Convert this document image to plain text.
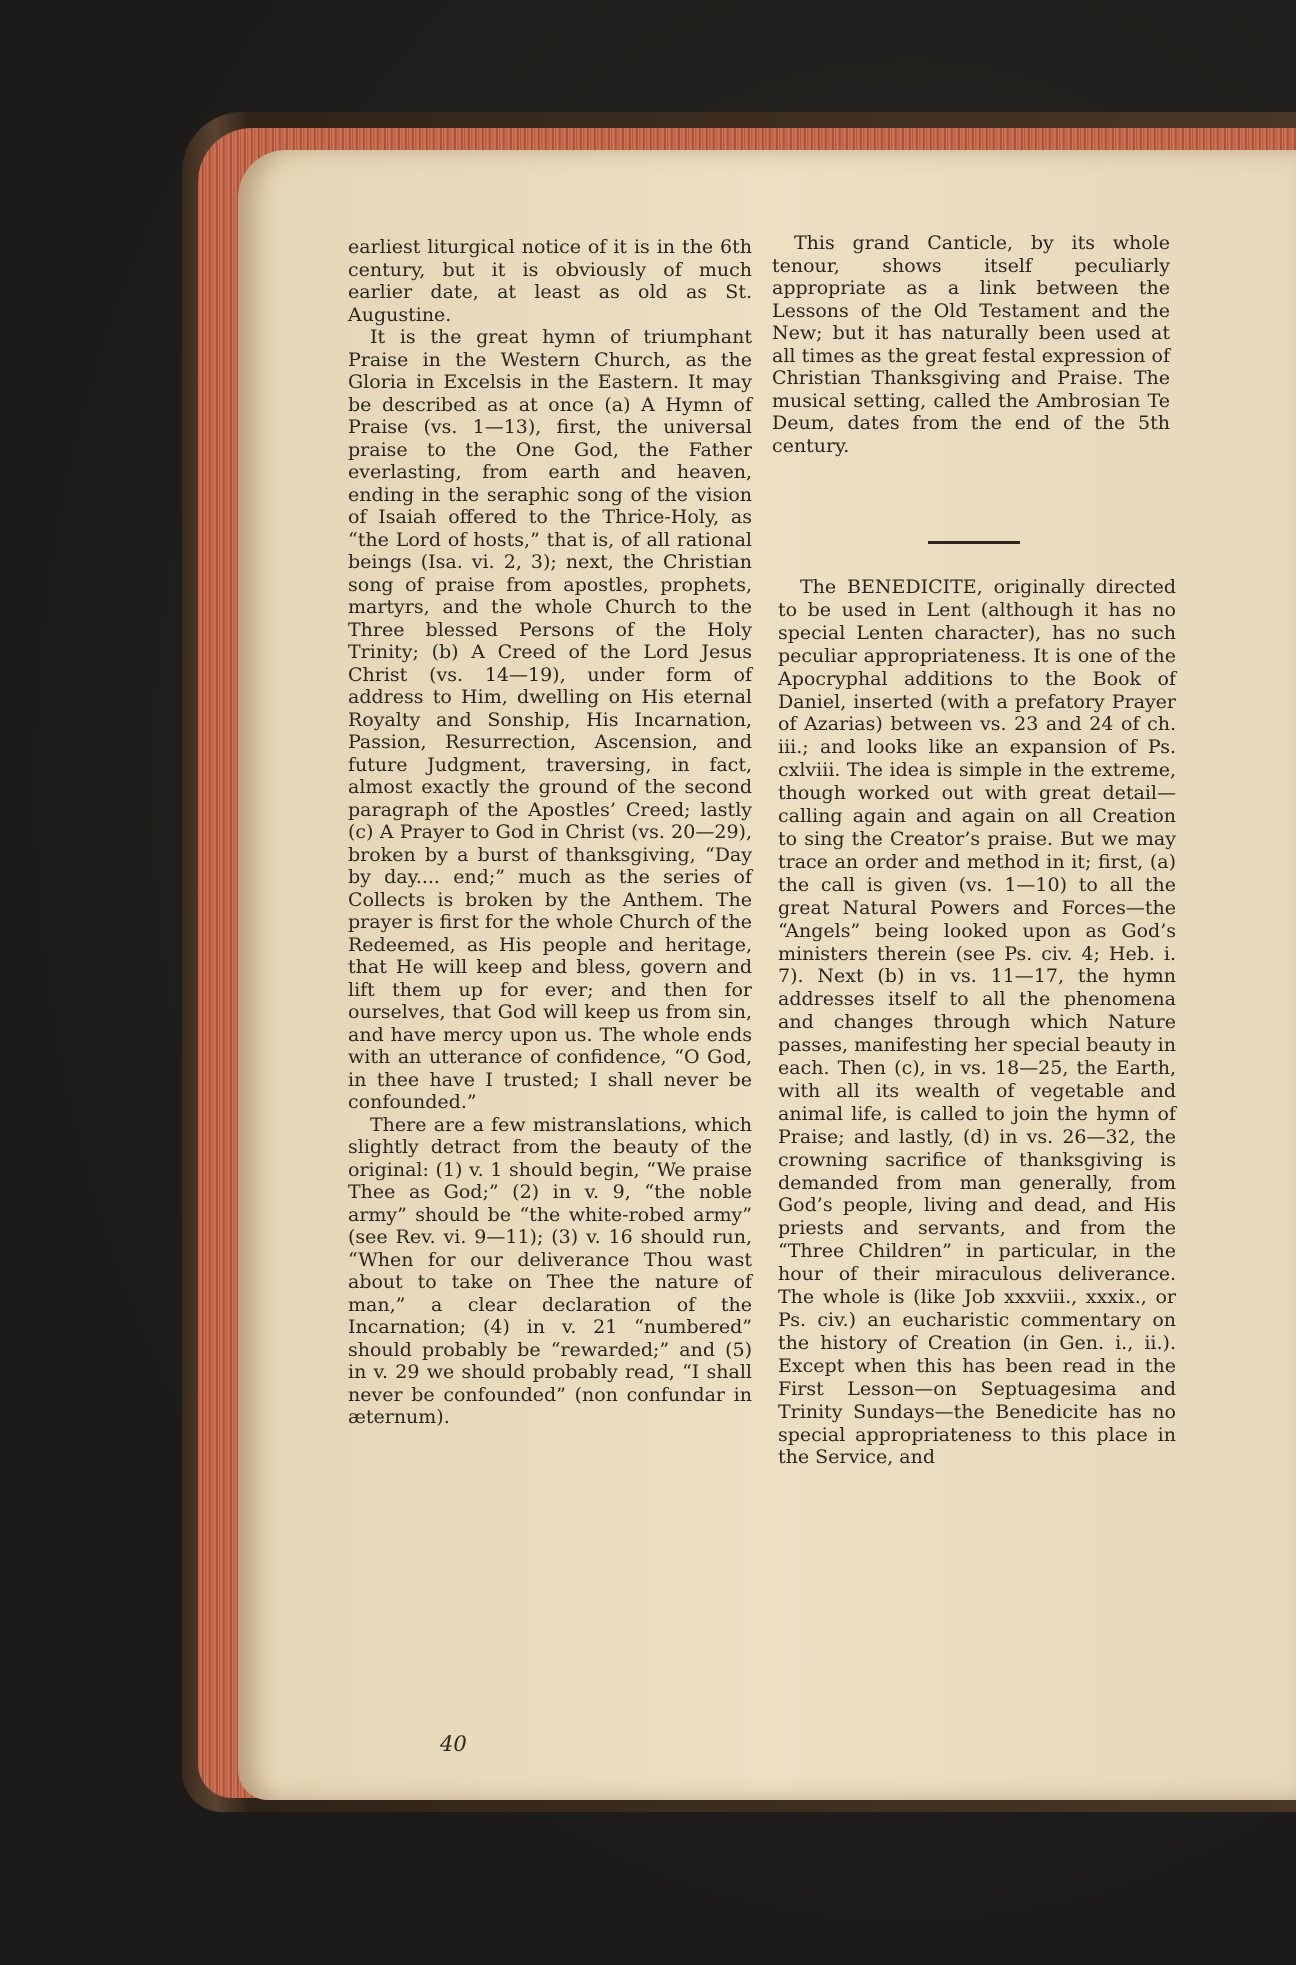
earliest liturgical notice of it is in the 6th century, but it is obviously of much earlier date, at least as old as St. Augustine.

It is the great hymn of triumphant Praise in the Western Church, as the Gloria in Excelsis in the Eastern. It may be described as at once (a) A Hymn of Praise (vs. 1—13), first, the universal praise to the One God, the Father everlasting, from earth and heaven, ending in the seraphic song of the vision of Isaiah offered to the Thrice-Holy, as “the Lord of hosts,” that is, of all rational beings (Isa. vi. 2, 3); next, the Christian song of praise from apostles, prophets, martyrs, and the whole Church to the Three blessed Persons of the Holy Trinity; (b) A Creed of the Lord Jesus Christ (vs. 14—19), under form of address to Him, dwelling on His eternal Royalty and Sonship, His Incarnation, Passion, Resurrection, Ascension, and future Judgment, traversing, in fact, almost exactly the ground of the second paragraph of the Apostles’ Creed; lastly (c) A Prayer to God in Christ (vs. 20—29), broken by a burst of thanksgiving, “Day by day.... end;” much as the series of Collects is broken by the Anthem. The prayer is first for the whole Church of the Redeemed, as His people and heritage, that He will keep and bless, govern and lift them up for ever; and then for ourselves, that God will keep us from sin, and have mercy upon us. The whole ends with an utterance of confidence, “O God, in thee have I trusted; I shall never be confounded.”

There are a few mistranslations, which slightly detract from the beauty of the original: (1) v. 1 should begin, “We praise Thee as God;” (2) in v. 9, “the noble army” should be “the white-robed army” (see Rev. vi. 9—11); (3) v. 16 should run, “When for our deliverance Thou wast about to take on Thee the nature of man,” a clear declaration of the Incarnation; (4) in v. 21 “numbered” should probably be “rewarded;” and (5) in v. 29 we should probably read, “I shall never be confounded” (non confundar in æternum).

This grand Canticle, by its whole tenour, shows itself peculiarly appropriate as a link between the Lessons of the Old Testament and the New; but it has naturally been used at all times as the great festal expression of Christian Thanksgiving and Praise. The musical setting, called the Ambrosian Te Deum, dates from the end of the 5th century.

The BENEDICITE, originally directed to be used in Lent (although it has no special Lenten character), has no such peculiar appropriateness. It is one of the Apocryphal additions to the Book of Daniel, inserted (with a prefatory Prayer of Azarias) between vs. 23 and 24 of ch. iii.; and looks like an expansion of Ps. cxlviii. The idea is simple in the extreme, though worked out with great detail—calling again and again on all Creation to sing the Creator’s praise. But we may trace an order and method in it; first, (a) the call is given (vs. 1—10) to all the great Natural Powers and Forces—the “Angels” being looked upon as God’s ministers therein (see Ps. civ. 4; Heb. i. 7). Next (b) in vs. 11—17, the hymn addresses itself to all the phenomena and changes through which Nature passes, manifesting her special beauty in each. Then (c), in vs. 18—25, the Earth, with all its wealth of vegetable and animal life, is called to join the hymn of Praise; and lastly, (d) in vs. 26—32, the crowning sacrifice of thanksgiving is demanded from man generally, from God’s people, living and dead, and His priests and servants, and from the “Three Children” in particular, in the hour of their miraculous deliverance. The whole is (like Job xxxviii., xxxix., or Ps. civ.) an eucharistic commentary on the history of Creation (in Gen. i., ii.). Except when this has been read in the First Lesson—on Septuagesima and Trinity Sundays—the Benedicite has no special appropriateness to this place in the Service, and

40
